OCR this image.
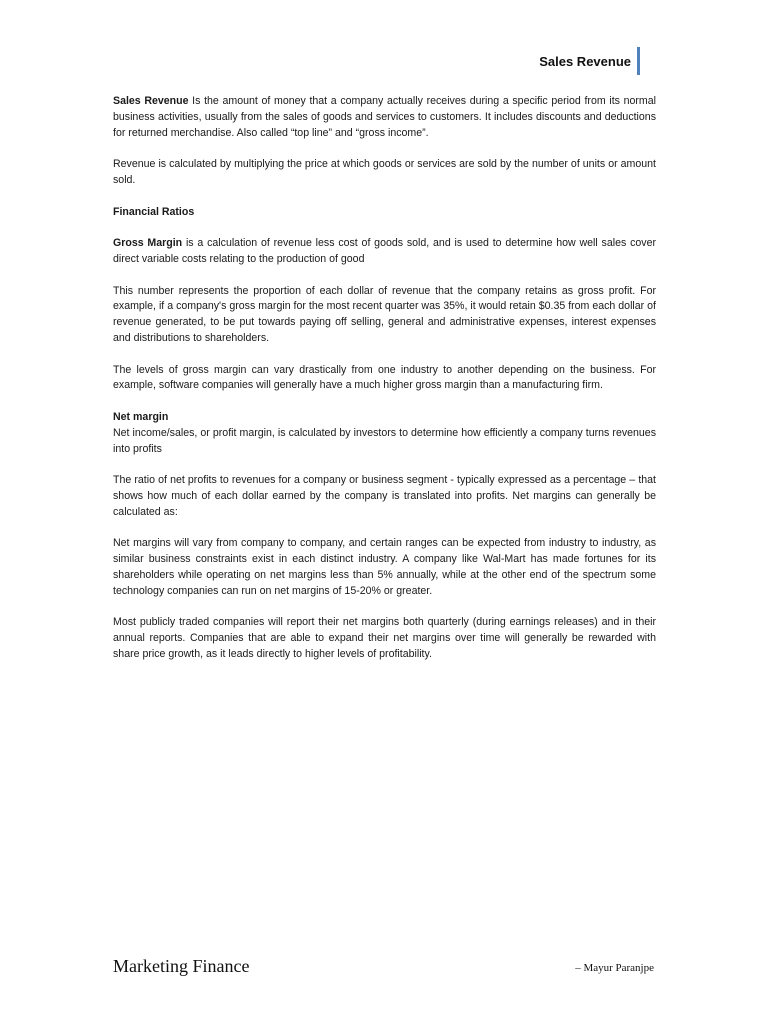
Sales Revenue

Sales Revenue Is the amount of money that a company actually receives during a specific period from its normal business activities, usually from the sales of goods and services to customers. It includes discounts and deductions for returned merchandise. Also called “top line” and “gross income”.

Revenue is calculated by multiplying the price at which goods or services are sold by the number of units or amount sold.

Financial Ratios

Gross Margin is a calculation of revenue less cost of goods sold, and is used to determine how well sales cover direct variable costs relating to the production of good

This number represents the proportion of each dollar of revenue that the company retains as gross profit. For example, if a company's gross margin for the most recent quarter was 35%, it would retain $0.35 from each dollar of revenue generated, to be put towards paying off selling, general and administrative expenses, interest expenses and distributions to shareholders.

The levels of gross margin can vary drastically from one industry to another depending on the business. For example, software companies will generally have a much higher gross margin than a manufacturing firm.

Net margin

Net income/sales, or profit margin, is calculated by investors to determine how efficiently a company turns revenues into profits

The ratio of net profits to revenues for a company or business segment - typically expressed as a percentage – that shows how much of each dollar earned by the company is translated into profits. Net margins can generally be calculated as:

Net margins will vary from company to company, and certain ranges can be expected from industry to industry, as similar business constraints exist in each distinct industry. A company like Wal-Mart has made fortunes for its shareholders while operating on net margins less than 5% annually, while at the other end of the spectrum some technology companies can run on net margins of 15-20% or greater.

Most publicly traded companies will report their net margins both quarterly (during earnings releases) and in their annual reports. Companies that are able to expand their net margins over time will generally be rewarded with share price growth, as it leads directly to higher levels of profitability.

Marketing Finance	– Mayur Paranjpe
